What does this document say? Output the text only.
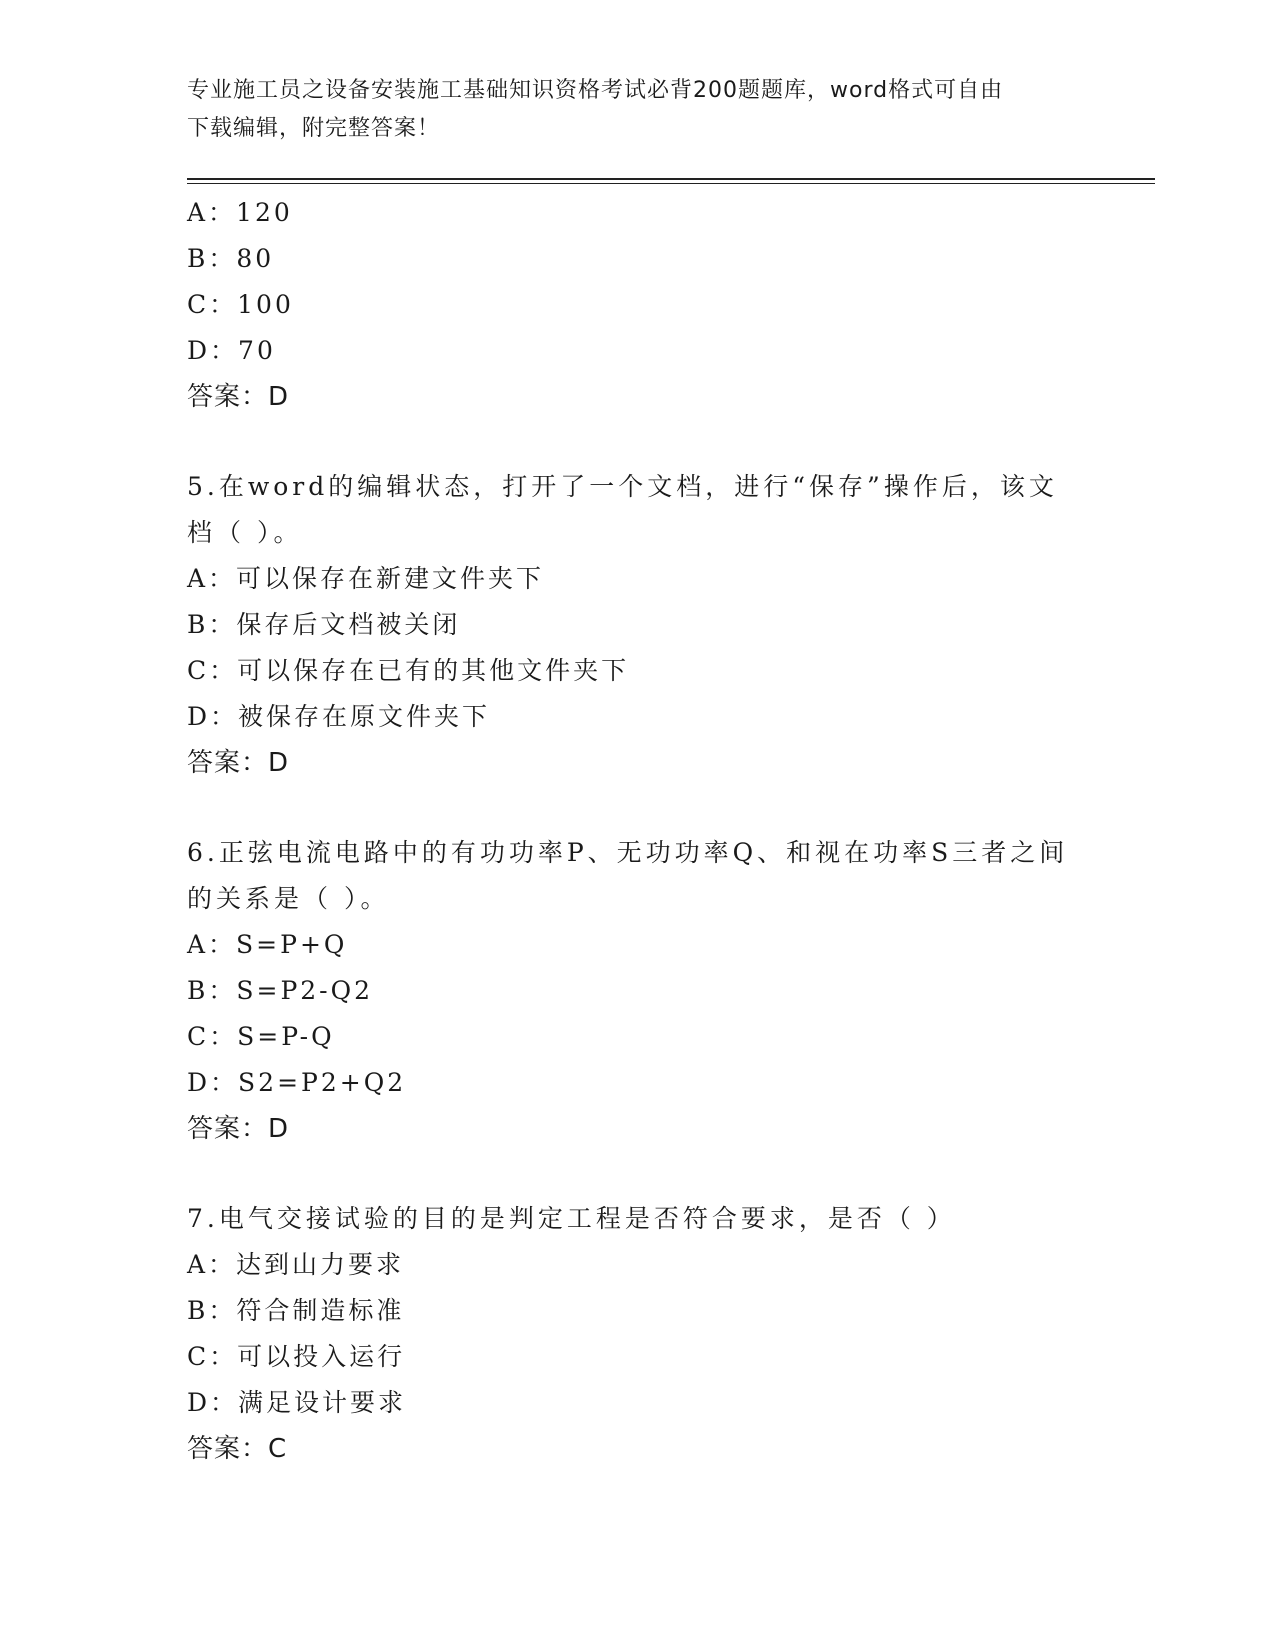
专业施工员之设备安装施工基础知识资格考试必背200题题库，word格式可自由
下载编辑，附完整答案！
A：120
B：80
C：100
D：70
答案：D
5.在word的编辑状态，打开了一个文档，进行“保存”操作后，该文
档（ ）。
A：可以保存在新建文件夹下
B：保存后文档被关闭
C：可以保存在已有的其他文件夹下
D：被保存在原文件夹下
答案：D
6.正弦电流电路中的有功功率P、无功功率Q、和视在功率S三者之间
的关系是（ ）。
A：S=P+Q
B：S=P2-Q2
C：S=P-Q
D：S2=P2+Q2
答案：D
7.电气交接试验的目的是判定工程是否符合要求，是否（ ）
A：达到山力要求
B：符合制造标准
C：可以投入运行
D：满足设计要求
答案：C
